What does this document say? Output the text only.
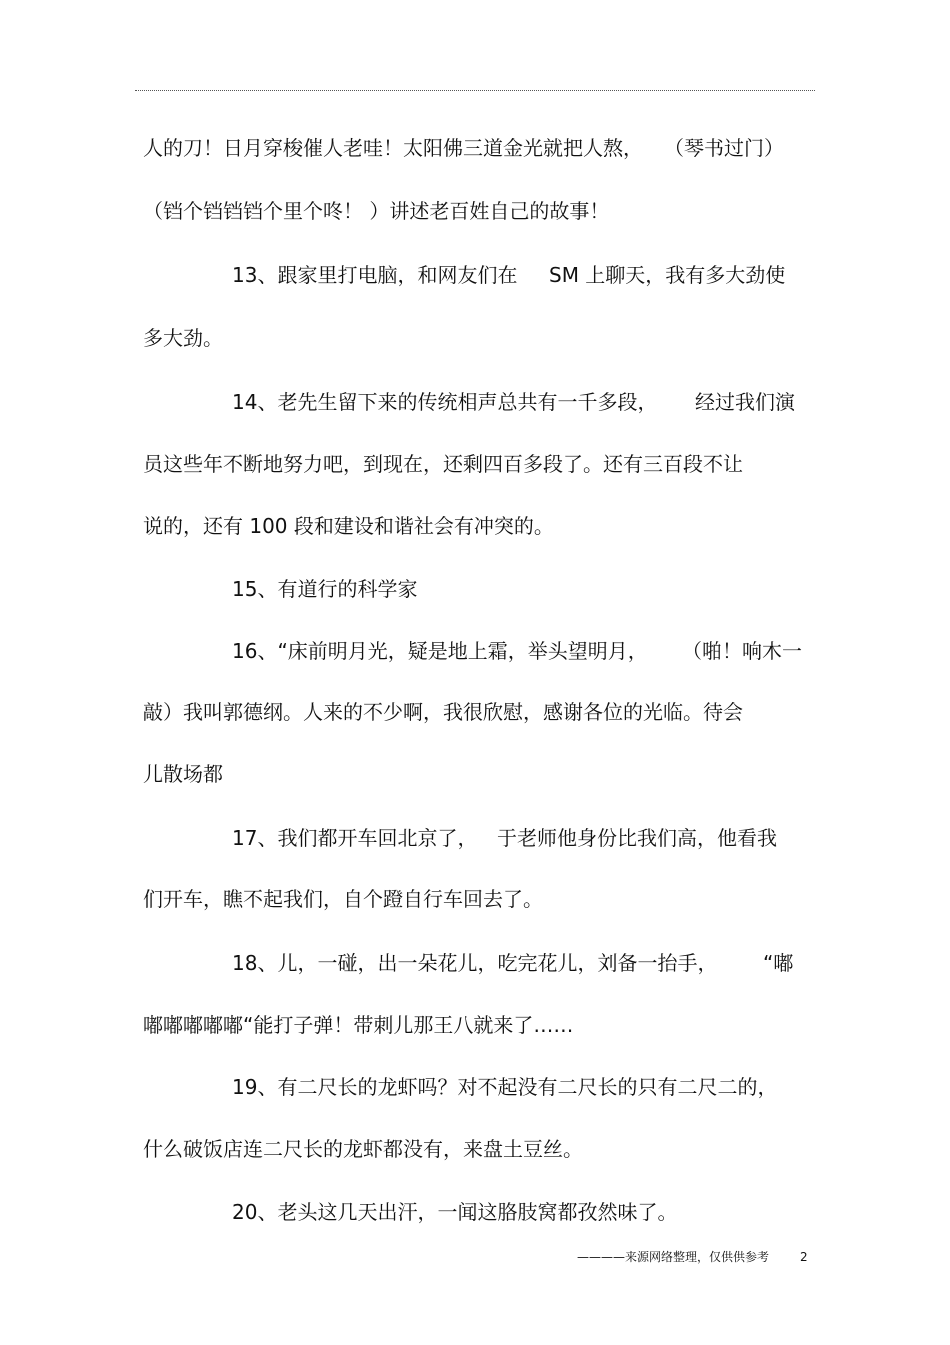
人的刀！日月穿梭催人老哇！太阳佛三道金光就把人熬， （琴书过门）
（铛个铛铛铛个里个咚！ ）讲述老百姓自己的故事！
13、跟家里打电脑，和网友们在 SM 上聊天，我有多大劲使
多大劲。
14、老先生留下来的传统相声总共有一千多段， 经过我们演
员这些年不断地努力吧，到现在，还剩四百多段了。还有三百段不让
说的，还有 100 段和建设和谐社会有冲突的。
15、有道行的科学家
16、“床前明月光，疑是地上霜，举头望明月， （啪！响木一
敲）我叫郭德纲。人来的不少啊，我很欣慰，感谢各位的光临。待会
儿散场都
17、我们都开车回北京了， 于老师他身份比我们高，他看我
们开车，瞧不起我们，自个蹬自行车回去了。
18、儿，一碰，出一朵花儿，吃完花儿，刘备一抬手， “嘟
嘟嘟嘟嘟嘟“能打子弹！带刺儿那王八就来了……
19、有二尺长的龙虾吗？对不起没有二尺长的只有二尺二的，
什么破饭店连二尺长的龙虾都没有，来盘土豆丝。
20、老头这几天出汗，一闻这胳肢窝都孜然味了。
————来源网络整理，仅供供参考	2
